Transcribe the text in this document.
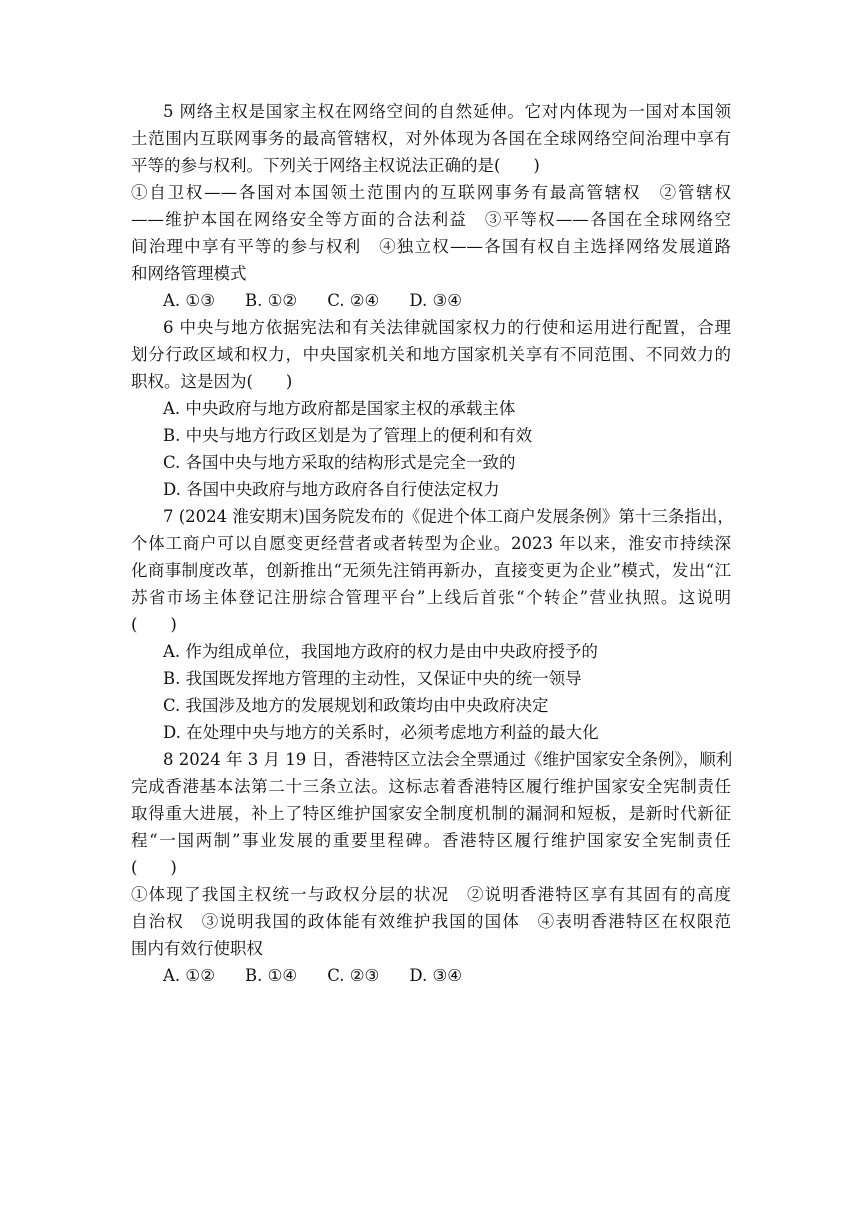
5 网络主权是国家主权在网络空间的自然延伸。它对内体现为一国对本国领
土范围内互联网事务的最高管辖权，对外体现为各国在全球网络空间治理中享有
平等的参与权利。下列关于网络主权说法正确的是(　　)
①自卫权——各国对本国领土范围内的互联网事务有最高管辖权　②管辖权
——维护本国在网络安全等方面的合法利益　③平等权——各国在全球网络空
间治理中享有平等的参与权利　④独立权——各国有权自主选择网络发展道路
和网络管理模式
A. ①③ B. ①② C. ②④ D. ③④
6 中央与地方依据宪法和有关法律就国家权力的行使和运用进行配置，合理
划分行政区域和权力，中央国家机关和地方国家机关享有不同范围、不同效力的
职权。这是因为(　　)
A. 中央政府与地方政府都是国家主权的承载主体
B. 中央与地方行政区划是为了管理上的便利和有效
C. 各国中央与地方采取的结构形式是完全一致的
D. 各国中央政府与地方政府各自行使法定权力
7 (2024 淮安期末)国务院发布的《促进个体工商户发展条例》第十三条指出，
个体工商户可以自愿变更经营者或者转型为企业。2023 年以来，淮安市持续深
化商事制度改革，创新推出“无须先注销再新办，直接变更为企业”模式，发出“江
苏省市场主体登记注册综合管理平台”上线后首张“个转企”营业执照。这说明
(　　)
A. 作为组成单位，我国地方政府的权力是由中央政府授予的
B. 我国既发挥地方管理的主动性，又保证中央的统一领导
C. 我国涉及地方的发展规划和政策均由中央政府决定
D. 在处理中央与地方的关系时，必须考虑地方利益的最大化
8 2024 年 3 月 19 日，香港特区立法会全票通过《维护国家安全条例》，顺利
完成香港基本法第二十三条立法。这标志着香港特区履行维护国家安全宪制责任
取得重大进展，补上了特区维护国家安全制度机制的漏洞和短板，是新时代新征
程“一国两制”事业发展的重要里程碑。香港特区履行维护国家安全宪制责任
(　　)
①体现了我国主权统一与政权分层的状况　②说明香港特区享有其固有的高度
自治权　③说明我国的政体能有效维护我国的国体　④表明香港特区在权限范
围内有效行使职权
A. ①② B. ①④ C. ②③ D. ③④
